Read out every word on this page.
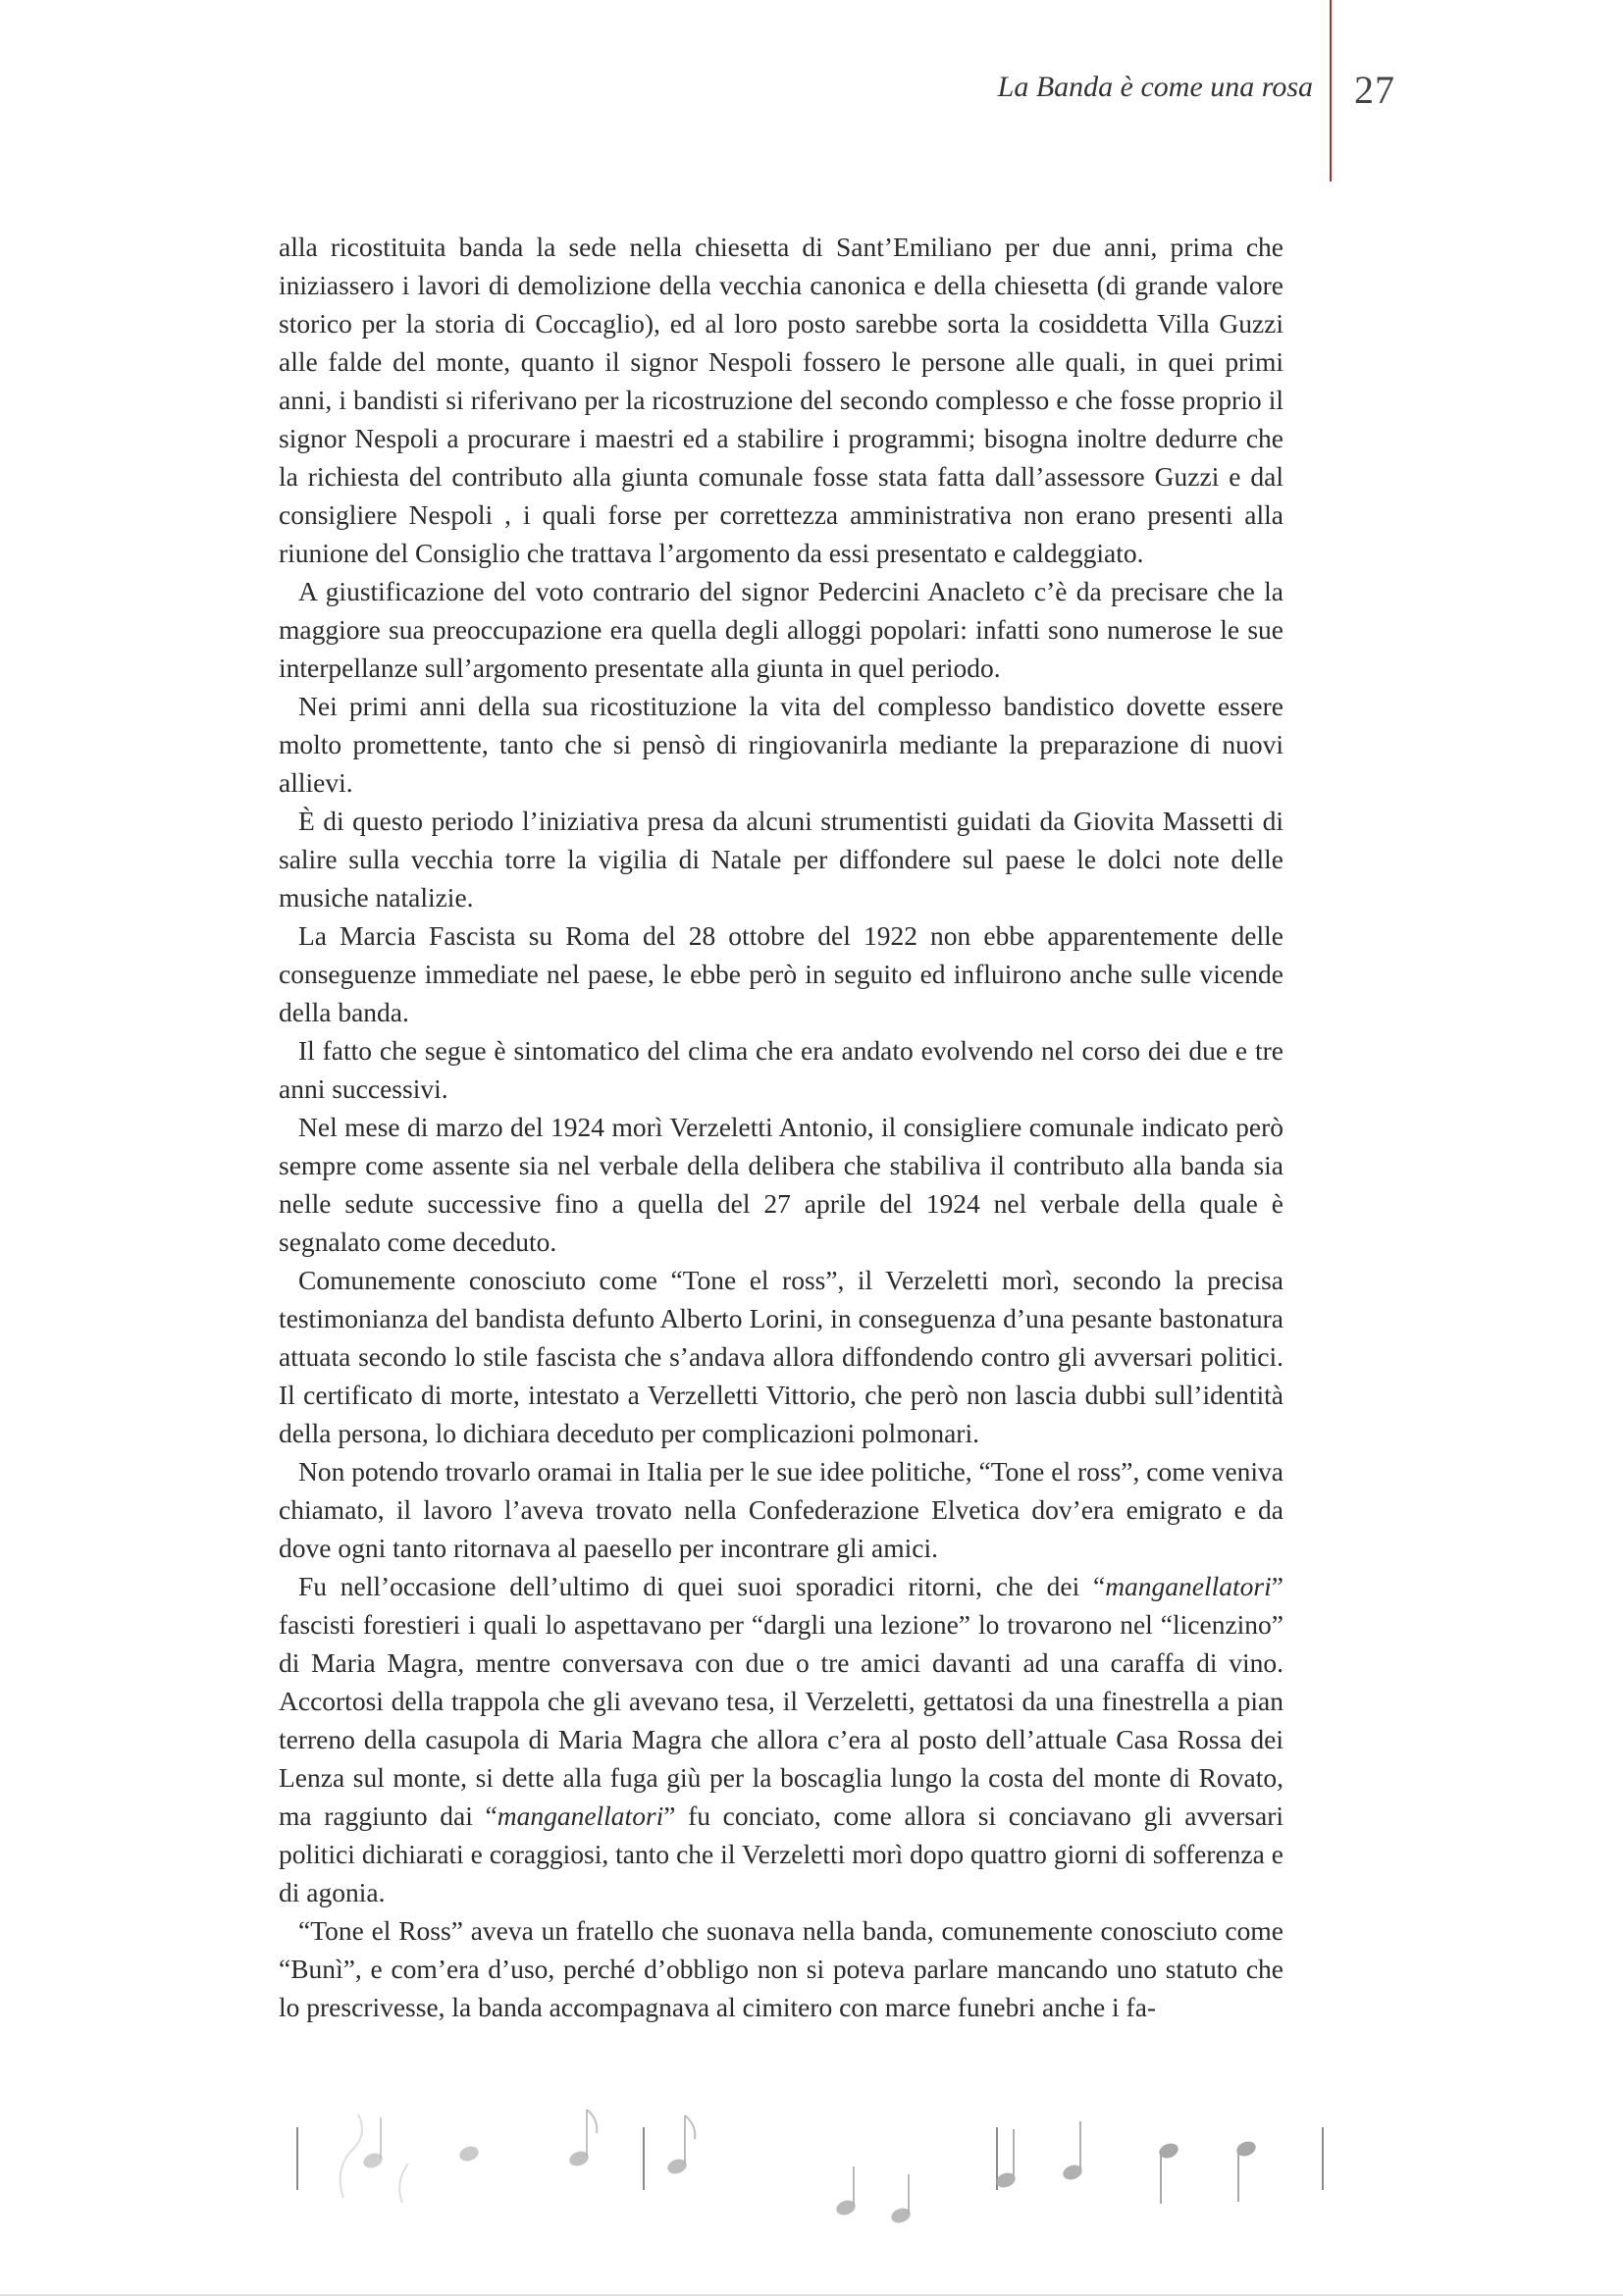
La Banda è come una rosa 27

alla ricostituita banda la sede nella chiesetta di Sant’Emiliano per due anni, prima che iniziassero i lavori di demolizione della vecchia canonica e della chiesetta (di grande valore storico per la storia di Coccaglio), ed al loro posto sarebbe sorta la cosiddetta Villa Guzzi alle falde del monte, quanto il signor Nespoli fossero le persone alle quali, in quei primi anni, i bandisti si riferivano per la ricostruzione del secondo complesso e che fosse proprio il signor Nespoli a procurare i maestri ed a stabilire i programmi; bisogna inoltre dedurre che la richiesta del contributo alla giunta comunale fosse stata fatta dall’assessore Guzzi e dal consigliere Nespoli , i quali forse per correttezza amministrativa non erano presenti alla riunione del Consiglio che trattava l’argomento da essi presentato e caldeggiato.

A giustificazione del voto contrario del signor Pedercini Anacleto c’è da precisare che la maggiore sua preoccupazione era quella degli alloggi popolari: infatti sono numerose le sue interpellanze sull’argomento presentate alla giunta in quel periodo.

Nei primi anni della sua ricostituzione la vita del complesso bandistico dovette essere molto promettente, tanto che si pensò di ringiovanirla mediante la preparazione di nuovi allievi.

È di questo periodo l’iniziativa presa da alcuni strumentisti guidati da Giovita Massetti di salire sulla vecchia torre la vigilia di Natale per diffondere sul paese le dolci note delle musiche natalizie.

La Marcia Fascista su Roma del 28 ottobre del 1922 non ebbe apparentemente delle conseguenze immediate nel paese, le ebbe però in seguito ed influirono anche sulle vicende della banda.

Il fatto che segue è sintomatico del clima che era andato evolvendo nel corso dei due e tre anni successivi.

Nel mese di marzo del 1924 morì Verzeletti Antonio, il consigliere comunale indicato però sempre come assente sia nel verbale della delibera che stabiliva il contributo alla banda sia nelle sedute successive fino a quella del 27 aprile del 1924 nel verbale della quale è segnalato come deceduto.

Comunemente conosciuto come “Tone el ross”, il Verzeletti morì, secondo la precisa testimonianza del bandista defunto Alberto Lorini, in conseguenza d’una pesante bastonatura attuata secondo lo stile fascista che s’andava allora diffondendo contro gli avversari politici. Il certificato di morte, intestato a Verzelletti Vittorio, che però non lascia dubbi sull’identità della persona, lo dichiara deceduto per complicazioni polmonari.

Non potendo trovarlo oramai in Italia per le sue idee politiche, “Tone el ross”, come veniva chiamato, il lavoro l’aveva trovato nella Confederazione Elvetica dov’era emigrato e da dove ogni tanto ritornava al paesello per incontrare gli amici.

Fu nell’occasione dell’ultimo di quei suoi sporadici ritorni, che dei “manganellatori” fascisti forestieri i quali lo aspettavano per “dargli una lezione” lo trovarono nel “licenzino” di Maria Magra, mentre conversava con due o tre amici davanti ad una caraffa di vino. Accortosi della trappola che gli avevano tesa, il Verzeletti, gettatosi da una finestrella a pian terreno della casupola di Maria Magra che allora c’era al posto dell’attuale Casa Rossa dei Lenza sul monte, si dette alla fuga giù per la boscaglia lungo la costa del monte di Rovato, ma raggiunto dai “manganellatori” fu conciato, come allora si conciavano gli avversari politici dichiarati e coraggiosi, tanto che il Verzeletti morì dopo quattro giorni di sofferenza e di agonia.

“Tone el Ross” aveva un fratello che suonava nella banda, comunemente conosciuto come “Bunì”, e com’era d’uso, perché d’obbligo non si poteva parlare mancando uno statuto che lo prescrivesse, la banda accompagnava al cimitero con marce funebri anche i fa-
